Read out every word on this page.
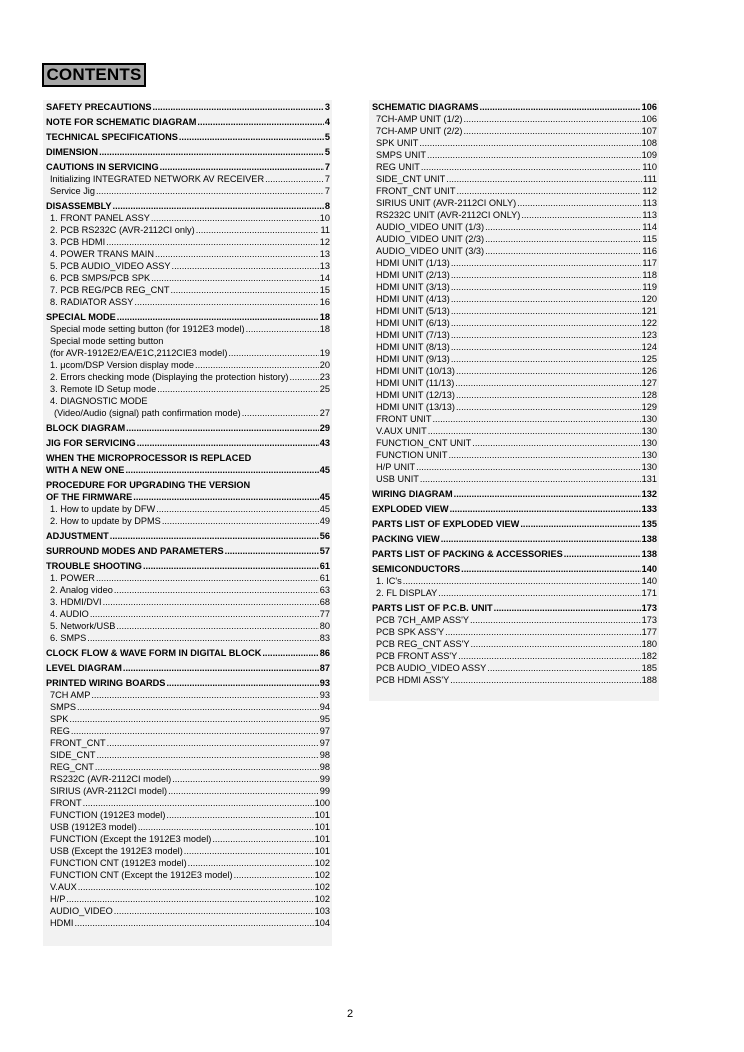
CONTENTS
SAFETY PRECAUTIONS .....	3
NOTE FOR SCHEMATIC DIAGRAM .....	4
TECHNICAL SPECIFICATIONS .....	5
DIMENSION .....	5
CAUTIONS IN SERVICING .....	7
Initializing INTEGRATED NETWORK AV RECEIVER .....	7
Service Jig .....	7
DISASSEMBLY .....	8
1. FRONT PANEL ASSY .....	10
2. PCB RS232C (AVR-2112CI only) .....	11
3. PCB HDMI .....	12
4. POWER TRANS MAIN .....	13
5. PCB AUDIO_VIDEO ASSY .....	13
6. PCB SMPS/PCB SPK .....	14
7. PCB REG/PCB REG_CNT .....	15
8. RADIATOR ASSY .....	16
SPECIAL MODE .....	18
Special mode setting button (for 1912E3 model) .....	18
Special mode setting button
(for AVR-1912E2/EA/E1C,2112CIE3 model) .....	19
1. μcom/DSP Version display mode .....	20
2. Errors checking mode (Displaying the protection history) .....	23
3. Remote ID Setup mode .....	25
4. DIAGNOSTIC MODE
(Video/Audio (signal) path confirmation mode) .....	27
BLOCK DIAGRAM .....	29
JIG FOR SERVICING .....	43
WHEN THE MICROPROCESSOR IS REPLACED
WITH A NEW ONE .....	45
PROCEDURE FOR UPGRADING THE VERSION
OF THE FIRMWARE .....	45
1. How to update by DFW .....	45
2. How to update by DPMS .....	49
ADJUSTMENT .....	56
SURROUND MODES AND PARAMETERS .....	57
TROUBLE SHOOTING .....	61
1. POWER .....	61
2. Analog video .....	63
3. HDMI/DVI .....	68
4. AUDIO .....	77
5. Network/USB .....	80
6. SMPS .....	83
CLOCK FLOW & WAVE FORM IN DIGITAL BLOCK .....	86
LEVEL DIAGRAM .....	87
PRINTED WIRING BOARDS .....	93
7CH AMP .....	93
SMPS .....	94
SPK .....	95
REG .....	97
FRONT_CNT .....	97
SIDE_CNT .....	98
REG_CNT .....	98
RS232C (AVR-2112CI model) .....	99
SIRIUS (AVR-2112CI model) .....	99
FRONT .....	100
FUNCTION (1912E3 model) .....	101
USB (1912E3 model) .....	101
FUNCTION (Except the 1912E3 model) .....	101
USB (Except the 1912E3 model) .....	101
FUNCTION CNT (1912E3 model) .....	102
FUNCTION CNT (Except the 1912E3 model) .....	102
V.AUX .....	102
H/P .....	102
AUDIO_VIDEO .....	103
HDMI .....	104
SCHEMATIC DIAGRAMS .....	106
7CH-AMP UNIT (1/2) .....	106
7CH-AMP UNIT (2/2) .....	107
SPK UNIT .....	108
SMPS UNIT .....	109
REG UNIT .....	110
SIDE_CNT UNIT .....	111
FRONT_CNT UNIT .....	112
SIRIUS UNIT (AVR-2112CI ONLY) .....	113
RS232C UNIT (AVR-2112CI ONLY) .....	113
AUDIO_VIDEO UNIT (1/3) .....	114
AUDIO_VIDEO UNIT (2/3) .....	115
AUDIO_VIDEO UNIT (3/3) .....	116
HDMI UNIT (1/13) .....	117
HDMI UNIT (2/13) .....	118
HDMI UNIT (3/13) .....	119
HDMI UNIT (4/13) .....	120
HDMI UNIT (5/13) .....	121
HDMI UNIT (6/13) .....	122
HDMI UNIT (7/13) .....	123
HDMI UNIT (8/13) .....	124
HDMI UNIT (9/13) .....	125
HDMI UNIT (10/13) .....	126
HDMI UNIT (11/13) .....	127
HDMI UNIT (12/13) .....	128
HDMI UNIT (13/13) .....	129
FRONT UNIT .....	130
V.AUX UNIT .....	130
FUNCTION_CNT UNIT .....	130
FUNCTION UNIT .....	130
H/P UNIT .....	130
USB UNIT .....	131
WIRING DIAGRAM .....	132
EXPLODED VIEW .....	133
PARTS LIST OF EXPLODED VIEW .....	135
PACKING VIEW .....	138
PARTS LIST OF PACKING & ACCESSORIES .....	138
SEMICONDUCTORS .....	140
1. IC's .....	140
2. FL DISPLAY .....	171
PARTS LIST OF P.C.B. UNIT .....	173
PCB 7CH_AMP ASS'Y .....	173
PCB SPK ASS'Y .....	177
PCB REG_CNT ASS'Y .....	180
PCB FRONT ASS'Y .....	182
PCB AUDIO_VIDEO ASSY .....	185
PCB HDMI ASS'Y .....	188
2
